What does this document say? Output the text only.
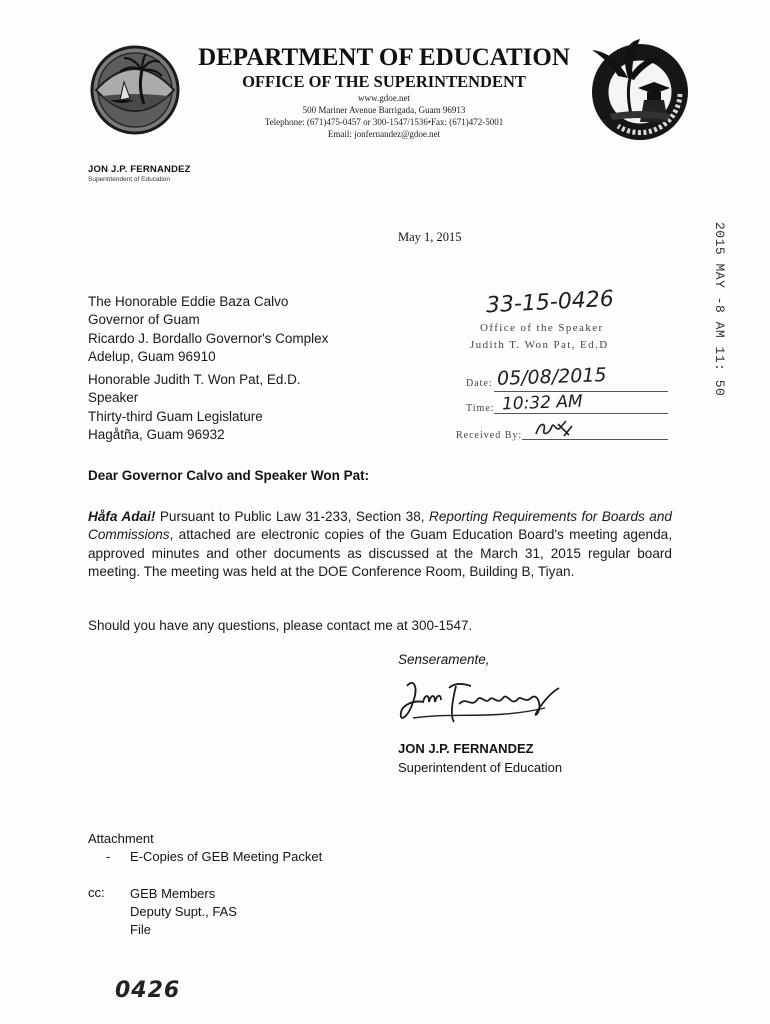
DEPARTMENT OF EDUCATION
OFFICE OF THE SUPERINTENDENT
www.gdoe.net
500 Mariner Avenue Barrigada, Guam 96913
Telephone: (671)475-0457 or 300-1547/1536•Fax: (671)472-5001
Email: jonfernandez@gdoe.net
JON J.P. FERNANDEZ
Superintendent of Education
May 1, 2015	2015 MAY -8 AM 11: 50
The Honorable Eddie Baza Calvo
Governor of Guam
Ricardo J. Bordallo Governor's Complex
Adelup, Guam 96910
Honorable Judith T. Won Pat, Ed.D.
Speaker
Thirty-third Guam Legislature
Hagåtña, Guam 96932
33-15-0426
Office of the Speaker
Judith T. Won Pat, Ed.D
Date: 05/08/2015
Time: 10:32 AM
Received By:
Dear Governor Calvo and Speaker Won Pat:
Håfa Adai! Pursuant to Public Law 31-233, Section 38, Reporting Requirements for Boards and Commissions, attached are electronic copies of the Guam Education Board's meeting agenda, approved minutes and other documents as discussed at the March 31, 2015 regular board meeting. The meeting was held at the DOE Conference Room, Building B, Tiyan.
Should you have any questions, please contact me at 300-1547.
Senseramente,
JON J.P. FERNANDEZ
Superintendent of Education
Attachment
- E-Copies of GEB Meeting Packet
cc: GEB Members
Deputy Supt., FAS
File
0426
